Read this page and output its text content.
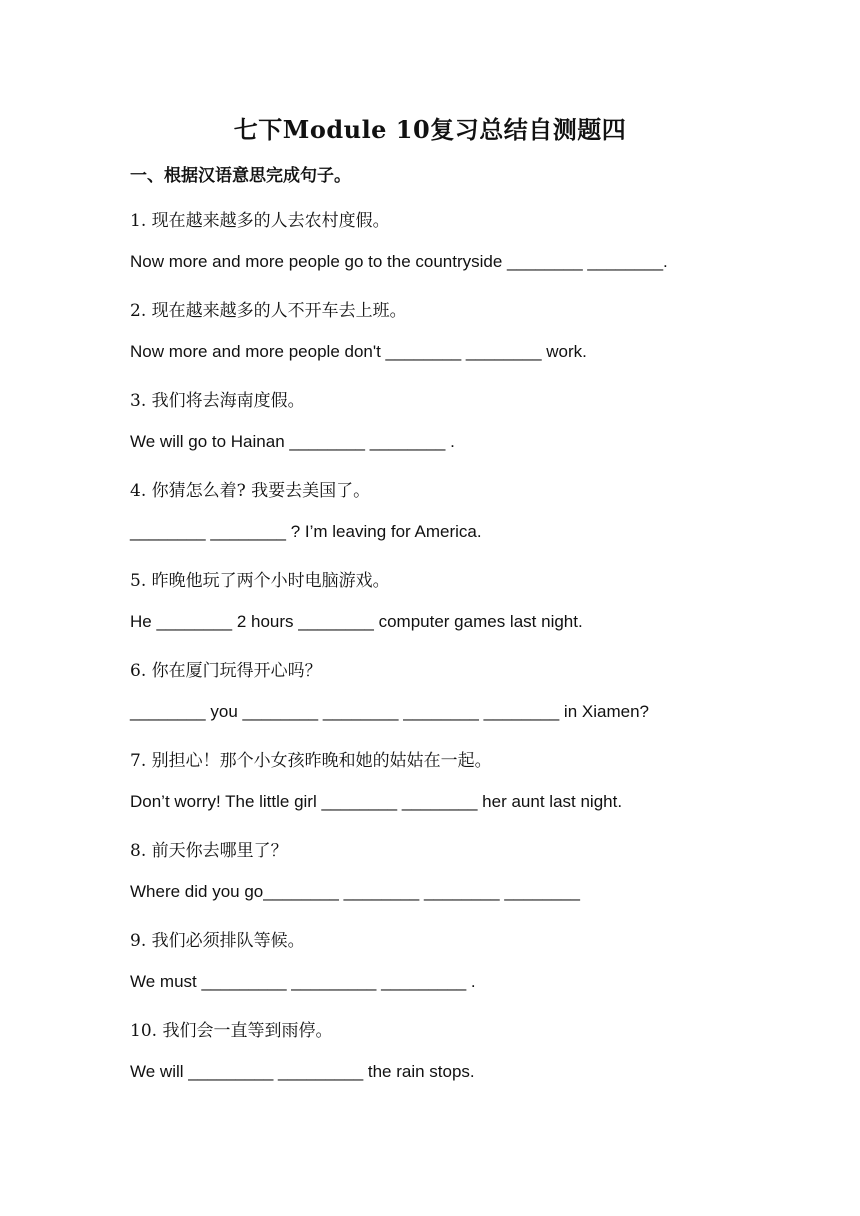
七下Module 10复习总结自测题四
一、根据汉语意思完成句子。
1. 现在越来越多的人去农村度假。
Now more and more people go to the countryside ________ ________.
2. 现在越来越多的人不开车去上班。
Now more and more people don't ________ ________ work.
3. 我们将去海南度假。
We will go to Hainan ________ ________ .
4. 你猜怎么着? 我要去美国了。
________ ________ ? I’m leaving for America.
5. 昨晚他玩了两个小时电脑游戏。
He ________ 2 hours ________ computer games last night.
6. 你在厦门玩得开心吗？
________ you ________ ________ ________ ________ in Xiamen?
7. 别担心！那个小女孩昨晚和她的姑姑在一起。
Don’t worry! The little girl ________ ________ her aunt last night.
8. 前天你去哪里了？
Where did you go________ ________ ________ ________
9. 我们必须排队等候。
We must _________ _________ _________ .
10. 我们会一直等到雨停。
We will _________ _________ the rain stops.
